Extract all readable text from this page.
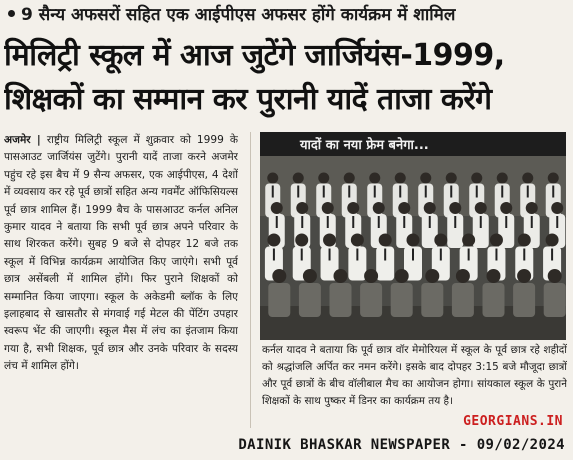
9 सैन्य अफसरों सहित एक आईपीएस अफसर होंगे कार्यक्रम में शामिल
मिलिट्री स्कूल में आज जुटेंगे जार्जियंस-1999,
शिक्षकों का सम्मान कर पुरानी यादें ताजा करेंगे
अजमेर | राष्ट्रीय मिलिट्री स्कूल में शुक्रवार को 1999 के पासआउट जार्जियंस जुटेंगे। पुरानी यादें ताजा करने अजमेर पहुंच रहे इस बैच में 9 सैन्य अफसर, एक आईपीएस, 4 देशों में व्यवसाय कर रहे पूर्व छात्रों सहित अन्य गवर्मेंट ऑफिसियल्स पूर्व छात्र शामिल हैं। 1999 बैच के पासआउट कर्नल अनिल कुमार यादव ने बताया कि सभी पूर्व छात्र अपने परिवार के साथ शिरकत करेंगे। सुबह 9 बजे से दोपहर 12 बजे तक स्कूल में विभिन्न कार्यक्रम आयोजित किए जाएंगे। सभी पूर्व छात्र असेंबली में शामिल होंगे। फिर पुराने शिक्षकों को सम्मानित किया जाएगा। स्कूल के अकेडमी ब्लॉक के लिए इलाहबाद से खासतौर से मंगवाई गई मेटल की पेंटिंग उपहार स्वरूप भेंट की जाएगी। स्कूल मैस में लंच का इंतजाम किया गया है, सभी शिक्षक, पूर्व छात्र और उनके परिवार के सदस्य लंच में शामिल होंगे।
यादों का नया फ्रेम बनेगा...
कर्नल यादव ने बताया कि पूर्व छात्र वॉर मेमोरियल में स्कूल के पूर्व छात्र रहे शहीदों को श्रद्धांजलि अर्पित कर नमन करेंगे। इसके बाद दोपहर 3:15 बजे मौजूदा छात्रों और पूर्व छात्रों के बीच वॉलीबाल मैच का आयोजन होगा। सांयकाल स्कूल के पुराने शिक्षकों के साथ पुष्कर में डिनर का कार्यक्रम तय है।
GEORGIANS.IN
DAINIK BHASKAR NEWSPAPER - 09/02/2024
